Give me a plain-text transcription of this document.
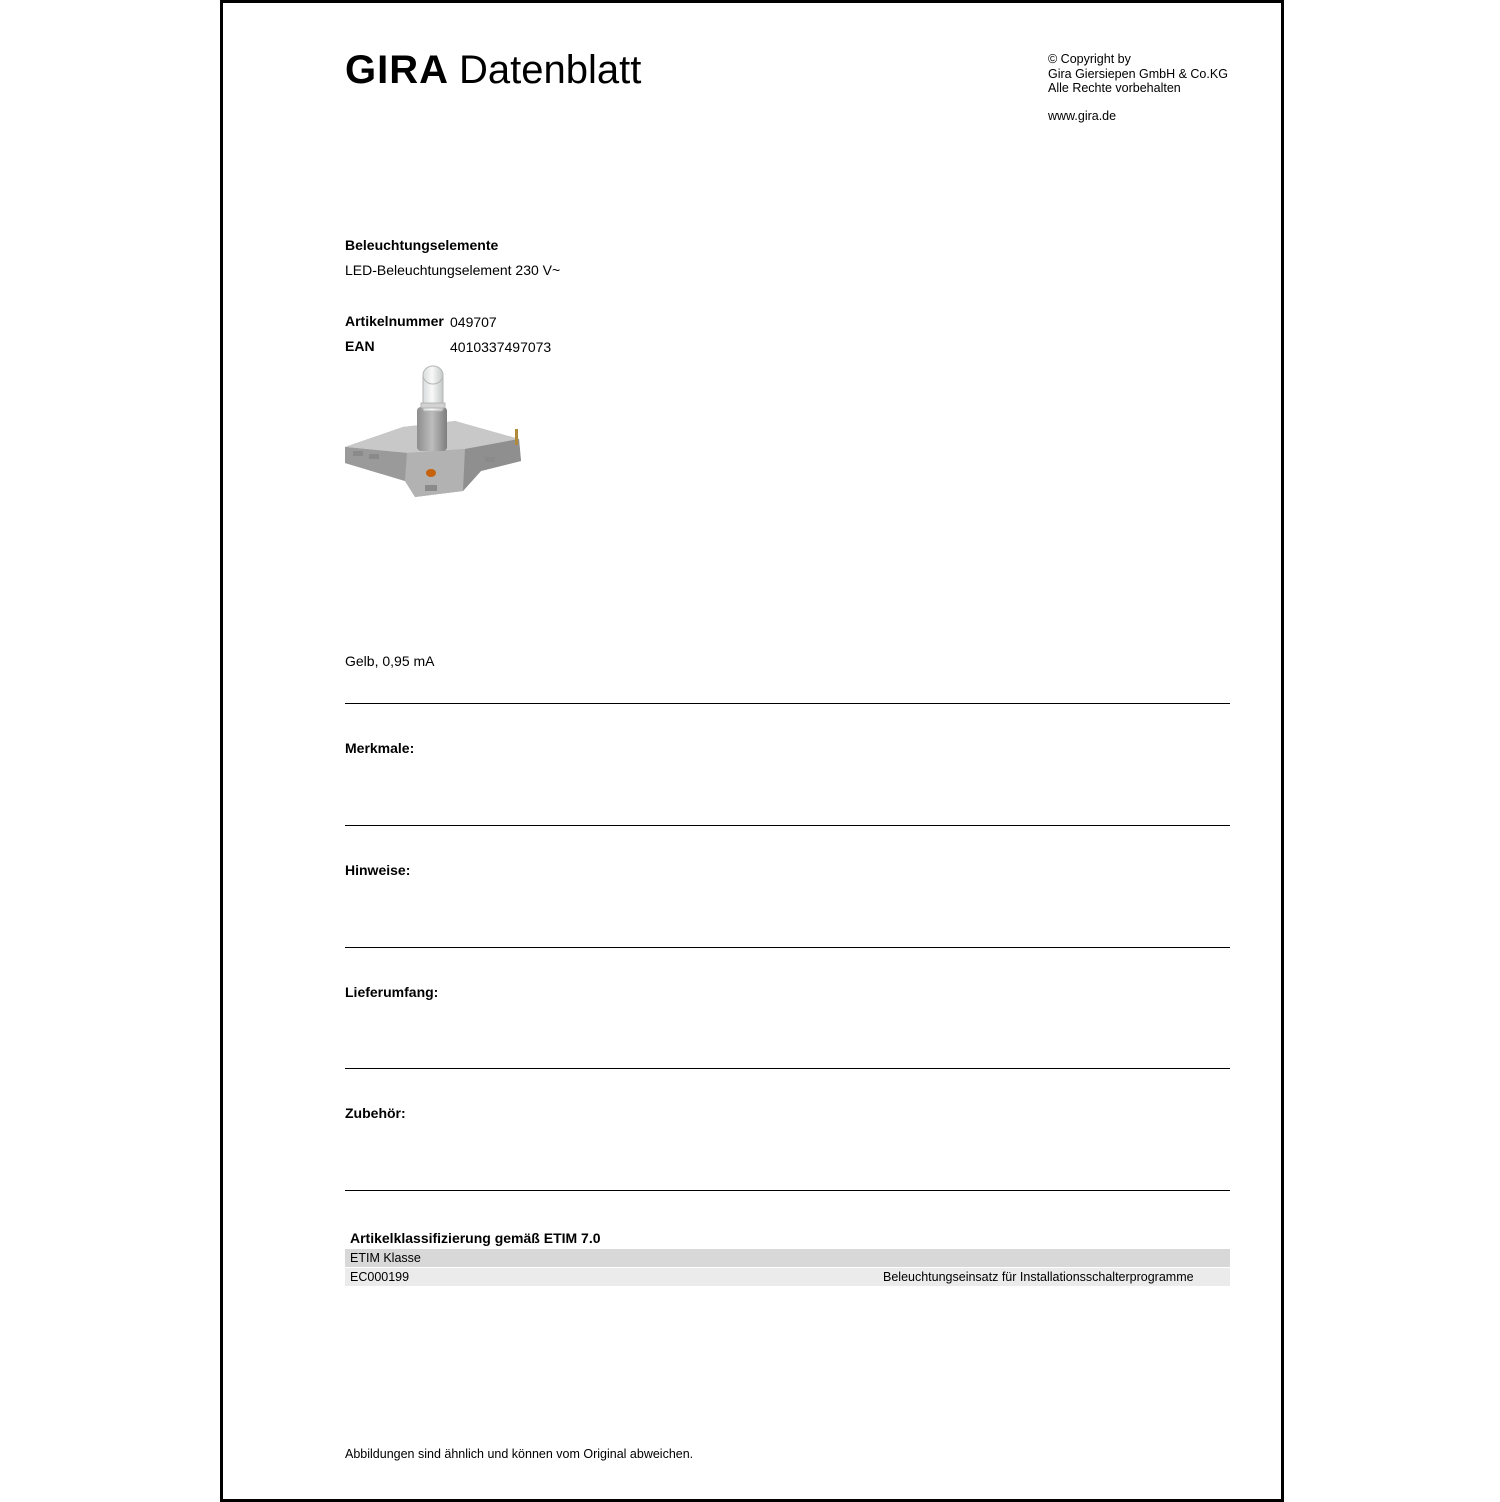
GIRA Datenblatt	© Copyright by
Gira Giersiepen GmbH & Co.KG
Alle Rechte vorbehalten
www.gira.de
Beleuchtungselemente
LED-Beleuchtungselement 230 V~
Artikelnummer 049707
EAN	4010337497073
Gelb, 0,95 mA
Merkmale:
Hinweise:
Lieferumfang:
Zubehör:
Artikelklassifizierung gemäß ETIM 7.0
ETIM Klasse
EC000199	Beleuchtungseinsatz für Installationsschalterprogramme
Abbildungen sind ähnlich und können vom Original abweichen.
